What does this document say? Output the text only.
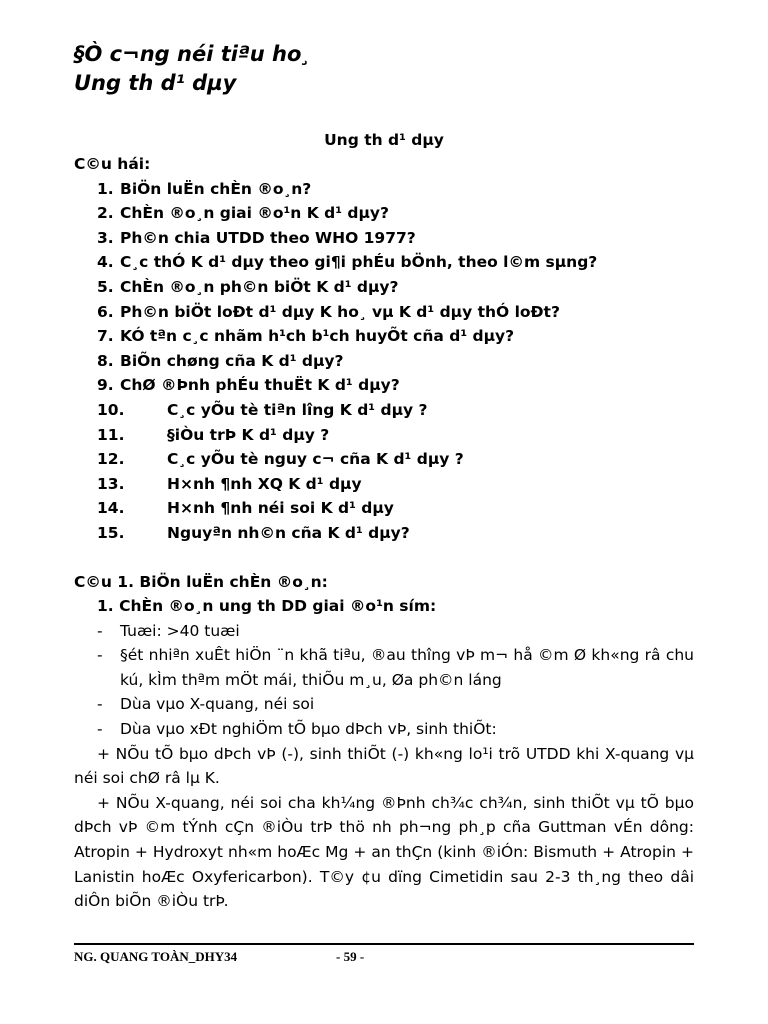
§Ò c¬ng néi tiªu ho¸

Ung th d¹ dµy

Ung th d¹ dµy
C©u hái:
1. BiÖn luËn chÈn ®o¸n?
2. ChÈn ®o¸n giai ®o¹n K d¹ dµy?
3. Ph©n chia UTDD theo WHO 1977?
4. C¸c thÓ K d¹ dµy theo gi¶i phÉu bÖnh, theo l©m sµng?
5. ChÈn ®o¸n ph©n biÖt K d¹ dµy?
6. Ph©n biÖt loÐt d¹ dµy K ho¸ vµ K d¹ dµy thÓ loÐt?
7. KÓ tªn c¸c nhãm h¹ch b¹ch huyÕt cña d¹ dµy?
8. BiÕn chøng cña K d¹ dµy?
9. ChØ ®Þnh phÉu thuËt K d¹ dµy?
10.	C¸c yÕu tè tiªn lîng K d¹ dµy ?
11.	§iÒu trÞ K d¹ dµy ?
12.	C¸c yÕu tè nguy c¬ cña K d¹ dµy ?
13.	H×nh ¶nh XQ K d¹ dµy
14.	H×nh ¶nh néi soi K d¹ dµy
15.	Nguyªn nh©n cña K d¹ dµy?
C©u 1. BiÖn luËn chÈn ®o¸n:
1. ChÈn ®o¸n ung th DD giai ®o¹n sím:
-	Tuæi: >40 tuæi
-	§ét nhiªn xuÊt hiÖn ¨n khã tiªu, ®au thîng vÞ m¬ hå ©m Ø kh«ng râ chu kú, kÌm thªm mÖt mái, thiÕu m¸u, Øa ph©n láng
-	Dùa vµo X-quang, néi soi
-	Dùa vµo xÐt nghiÖm tÕ bµo dÞch vÞ, sinh thiÕt:
+ NÕu tÕ bµo dÞch vÞ (-), sinh thiÕt (-) kh«ng lo¹i trõ UTDD khi X-quang vµ néi soi chØ râ lµ K.
+ NÕu X-quang, néi soi cha kh¼ng ®Þnh ch¾c ch¾n, sinh thiÕt vµ tÕ bµo dÞch vÞ ©m tÝnh cÇn ®iÒu trÞ thö nh ph¬ng ph¸p cña Guttman vÉn dông: Atropin + Hydroxyt nh«m hoÆc Mg + an thÇn (kinh ®iÓn: Bismuth + Atropin + Lanistin hoÆc Oxyfericarbon). T©y ¢u dïng Cimetidin sau 2-3 th¸ng theo dâi diÔn biÕn ®iÒu trÞ.
NG. QUANG TOÀN_DHY34	- 59 -
